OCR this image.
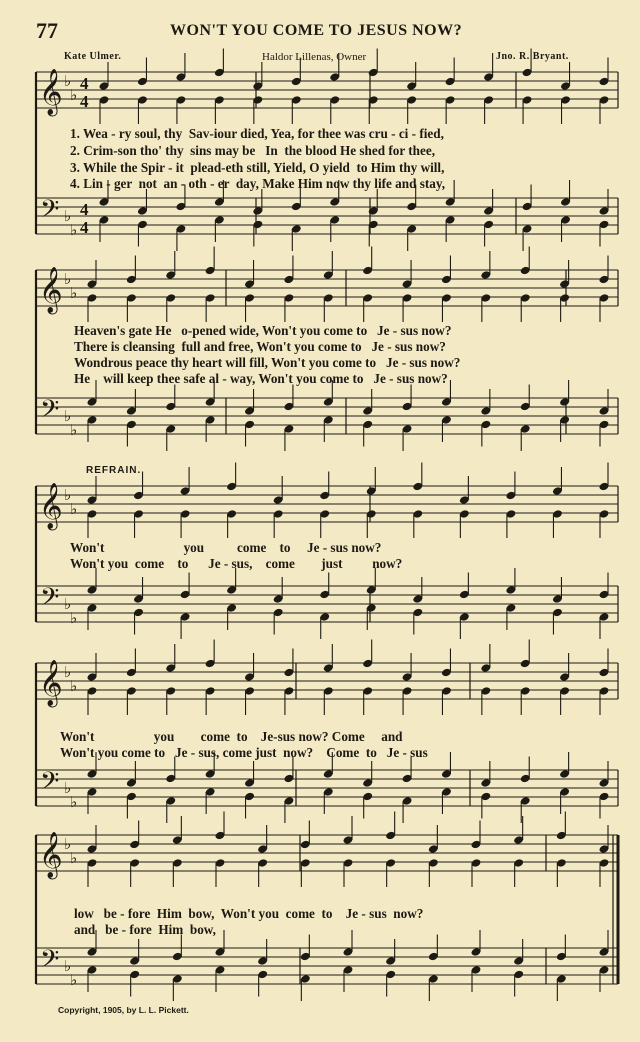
77	WON'T YOU COME TO JESUS NOW?
Kate Ulmer.	Haldor Lillenas, Owner	Jno. R. Bryant.
𝄞
𝄢
♭
♭
♭
♭
4
4
4
4
𝄞
𝄢
♭
♭
♭
♭
𝄞
𝄢
♭
♭
♭
♭
𝄞
𝄢
♭
♭
♭
♭
𝄞
𝄢
♭
♭
♭
♭
1. Wea - ry soul, thy  Sav-iour died, Yea, for thee was cru - ci - fied,
2. Crim-son tho' thy  sins may be   In  the blood He shed for thee,
3. While the Spir - it  plead-eth still, Yield, O yield  to Him thy will,
4. Lin - ger  not  an - oth - er  day, Make Him now thy life and stay,
Heaven's gate He   o-pened wide, Won't you come to   Je - sus now?
There is cleansing  full and free, Won't you come to   Je - sus now?
Wondrous peace thy heart will fill, Won't you come to   Je - sus now?
He    will keep thee safe al - way, Won't you come to   Je - sus now?
REFRAIN.
Won't                        you          come    to     Je - sus now?
Won't you  come    to      Je - sus,    come        just         now?
Won't                  you        come  to    Je-sus now? Come     and
Won't you come to   Je - sus, come just  now?    Come  to   Je - sus
low   be - fore  Him  bow,  Won't you  come  to    Je - sus  now?
and   be - fore  Him  bow,
Copyright, 1905, by L. L. Pickett.
